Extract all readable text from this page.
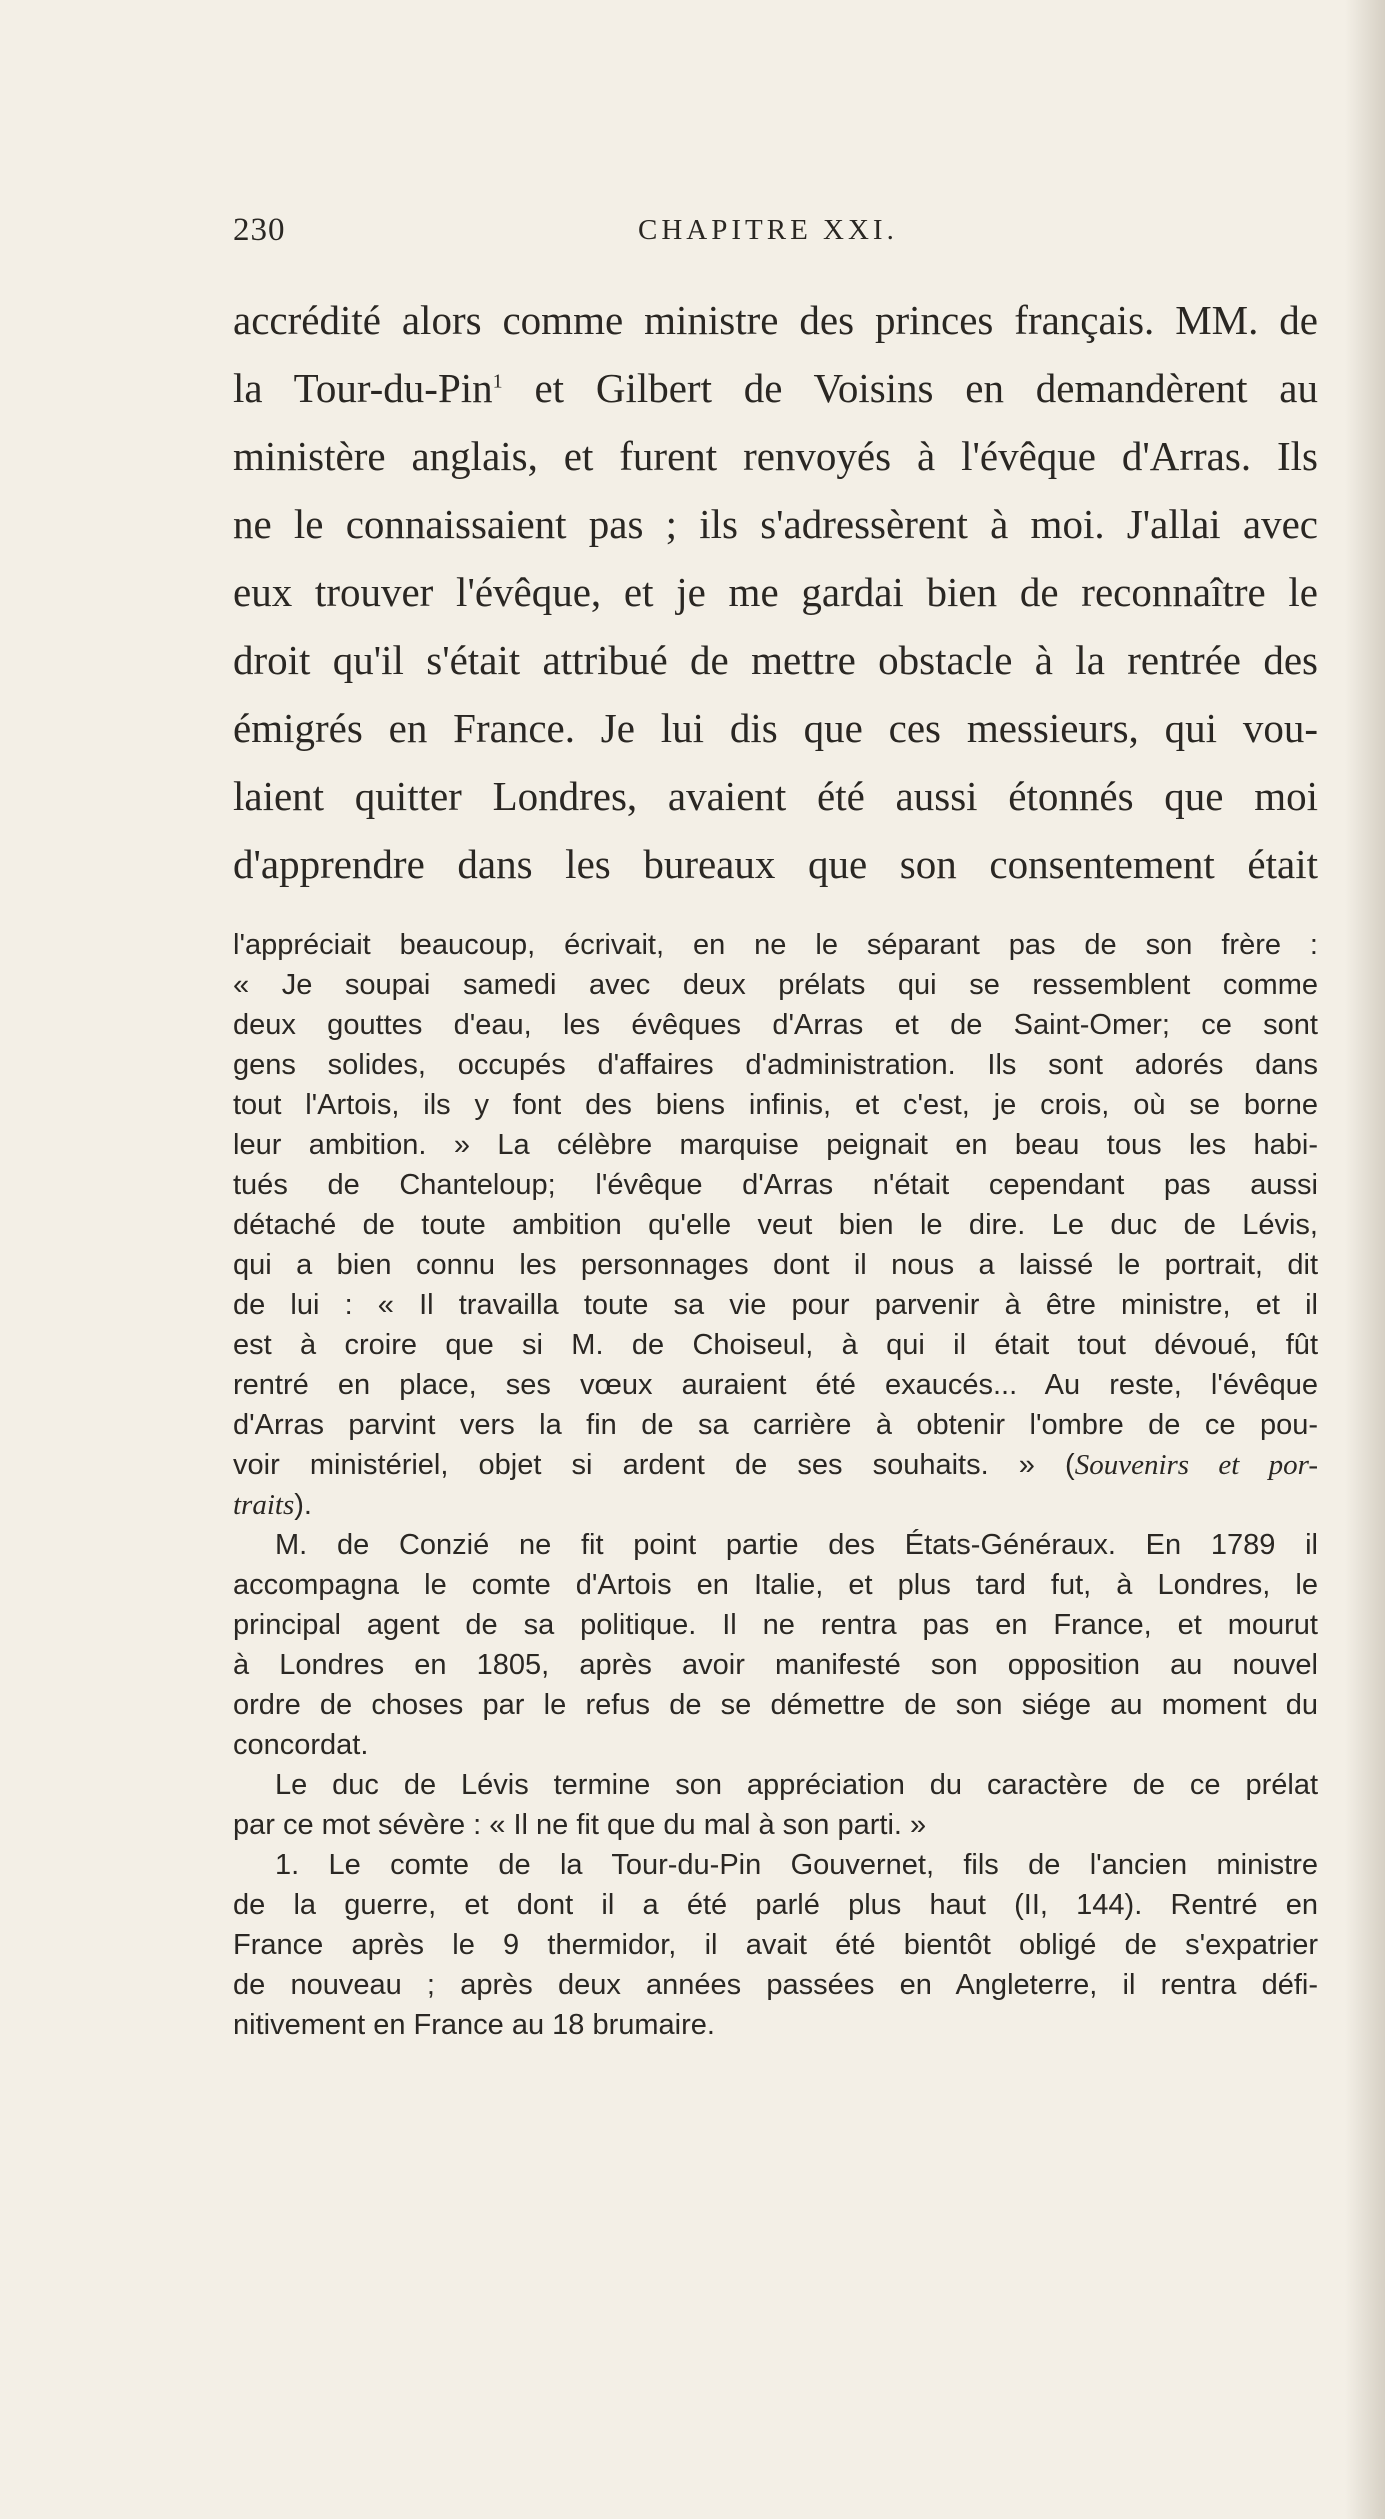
230	CHAPITRE XXI.
accrédité alors comme ministre des princes français. MM. de
la Tour-du-Pin$^1$ et Gilbert de Voisins en demandèrent au
ministère anglais, et furent renvoyés à l'évêque d'Arras. Ils
ne le connaissaient pas ; ils s'adressèrent à moi. J'allai avec
eux trouver l'évêque, et je me gardai bien de reconnaître le
droit qu'il s'était attribué de mettre obstacle à la rentrée des
émigrés en France. Je lui dis que ces messieurs, qui vou-
laient quitter Londres, avaient été aussi étonnés que moi
d'apprendre dans les bureaux que son consentement était
l'appréciait beaucoup, écrivait, en ne le séparant pas de son frère :
« Je soupai samedi avec deux prélats qui se ressemblent comme
deux gouttes d'eau, les évêques d'Arras et de Saint-Omer; ce sont
gens solides, occupés d'affaires d'administration. Ils sont adorés dans
tout l'Artois, ils y font des biens infinis, et c'est, je crois, où se borne
leur ambition. » La célèbre marquise peignait en beau tous les habi-
tués de Chanteloup; l'évêque d'Arras n'était cependant pas aussi
détaché de toute ambition qu'elle veut bien le dire. Le duc de Lévis,
qui a bien connu les personnages dont il nous a laissé le portrait, dit
de lui : « Il travailla toute sa vie pour parvenir à être ministre, et il
est à croire que si M. de Choiseul, à qui il était tout dévoué, fût
rentré en place, ses vœux auraient été exaucés... Au reste, l'évêque
d'Arras parvint vers la fin de sa carrière à obtenir l'ombre de ce pou-
voir ministériel, objet si ardent de ses souhaits. » (Souvenirs et por-
traits).
M. de Conzié ne fit point partie des États-Généraux. En 1789 il
accompagna le comte d'Artois en Italie, et plus tard fut, à Londres, le
principal agent de sa politique. Il ne rentra pas en France, et mourut
à Londres en 1805, après avoir manifesté son opposition au nouvel
ordre de choses par le refus de se démettre de son siége au moment du
concordat.
Le duc de Lévis termine son appréciation du caractère de ce prélat
par ce mot sévère : « Il ne fit que du mal à son parti. »
1. Le comte de la Tour-du-Pin Gouvernet, fils de l'ancien ministre
de la guerre, et dont il a été parlé plus haut (II, 144). Rentré en
France après le 9 thermidor, il avait été bientôt obligé de s'expatrier
de nouveau ; après deux années passées en Angleterre, il rentra défi-
nitivement en France au 18 brumaire.
